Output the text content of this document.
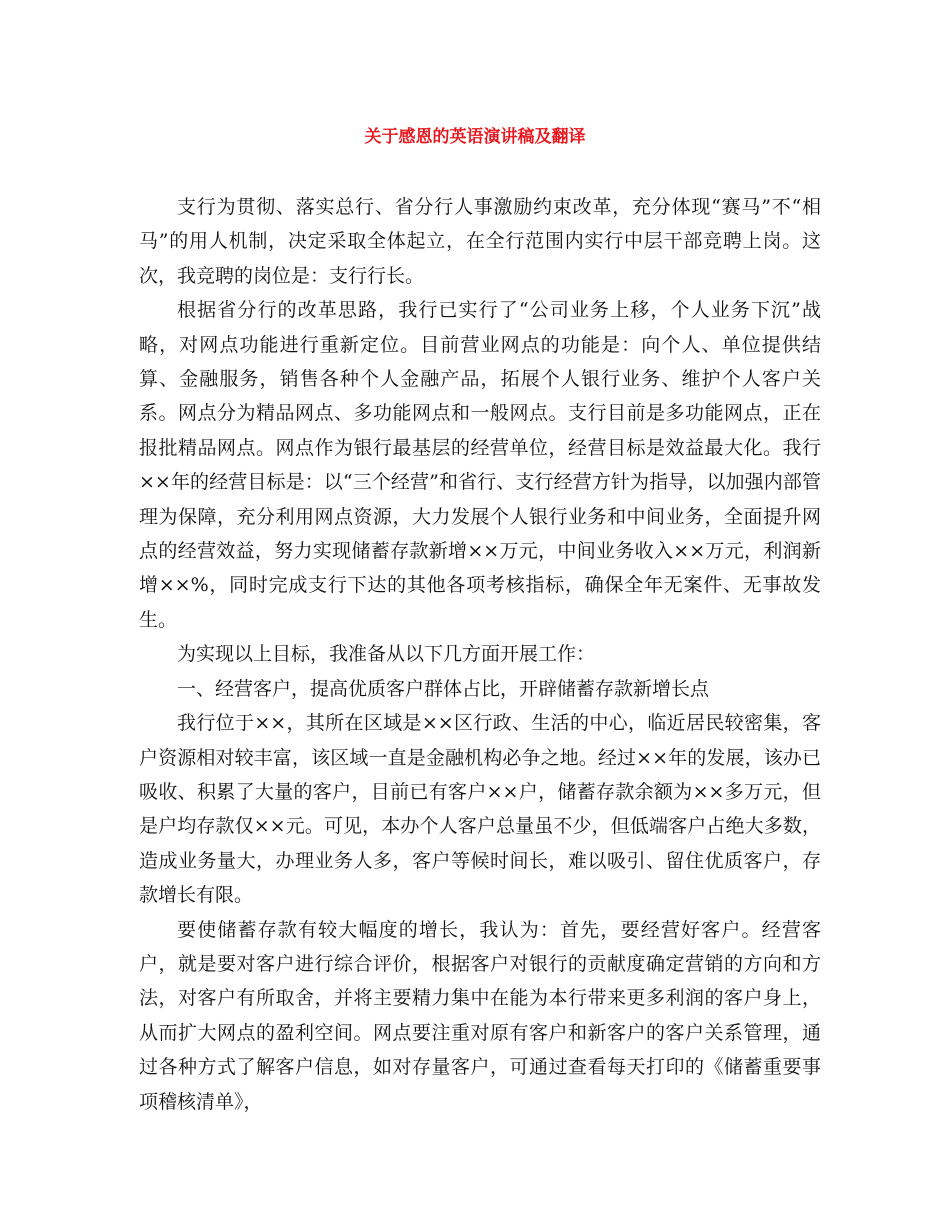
关于感恩的英语演讲稿及翻译

支行为贯彻、落实总行、省分行人事激励约束改革，充分体现“赛马”不“相马”的用人机制，决定采取全体起立，在全行范围内实行中层干部竞聘上岗。这次，我竞聘的岗位是：支行行长。

根据省分行的改革思路，我行已实行了“公司业务上移，个人业务下沉”战略，对网点功能进行重新定位。目前营业网点的功能是：向个人、单位提供结算、金融服务，销售各种个人金融产品，拓展个人银行业务、维护个人客户关系。网点分为精品网点、多功能网点和一般网点。支行目前是多功能网点，正在报批精品网点。网点作为银行最基层的经营单位，经营目标是效益最大化。我行××年的经营目标是：以“三个经营”和省行、支行经营方针为指导，以加强内部管理为保障，充分利用网点资源，大力发展个人银行业务和中间业务，全面提升网点的经营效益，努力实现储蓄存款新增××万元，中间业务收入××万元，利润新增××%，同时完成支行下达的其他各项考核指标，确保全年无案件、无事故发生。

为实现以上目标，我准备从以下几方面开展工作：

一、经营客户，提高优质客户群体占比，开辟储蓄存款新增长点

我行位于××，其所在区域是××区行政、生活的中心，临近居民较密集，客户资源相对较丰富，该区域一直是金融机构必争之地。经过××年的发展，该办已吸收、积累了大量的客户，目前已有客户××户，储蓄存款余额为××多万元，但是户均存款仅××元。可见，本办个人客户总量虽不少，但低端客户占绝大多数，造成业务量大，办理业务人多，客户等候时间长，难以吸引、留住优质客户，存款增长有限。

要使储蓄存款有较大幅度的增长，我认为：首先，要经营好客户。经营客户，就是要对客户进行综合评价，根据客户对银行的贡献度确定营销的方向和方法，对客户有所取舍，并将主要精力集中在能为本行带来更多利润的客户身上，从而扩大网点的盈利空间。网点要注重对原有客户和新客户的客户关系管理，通过各种方式了解客户信息，如对存量客户，可通过查看每天打印的《储蓄重要事项稽核清单》，
